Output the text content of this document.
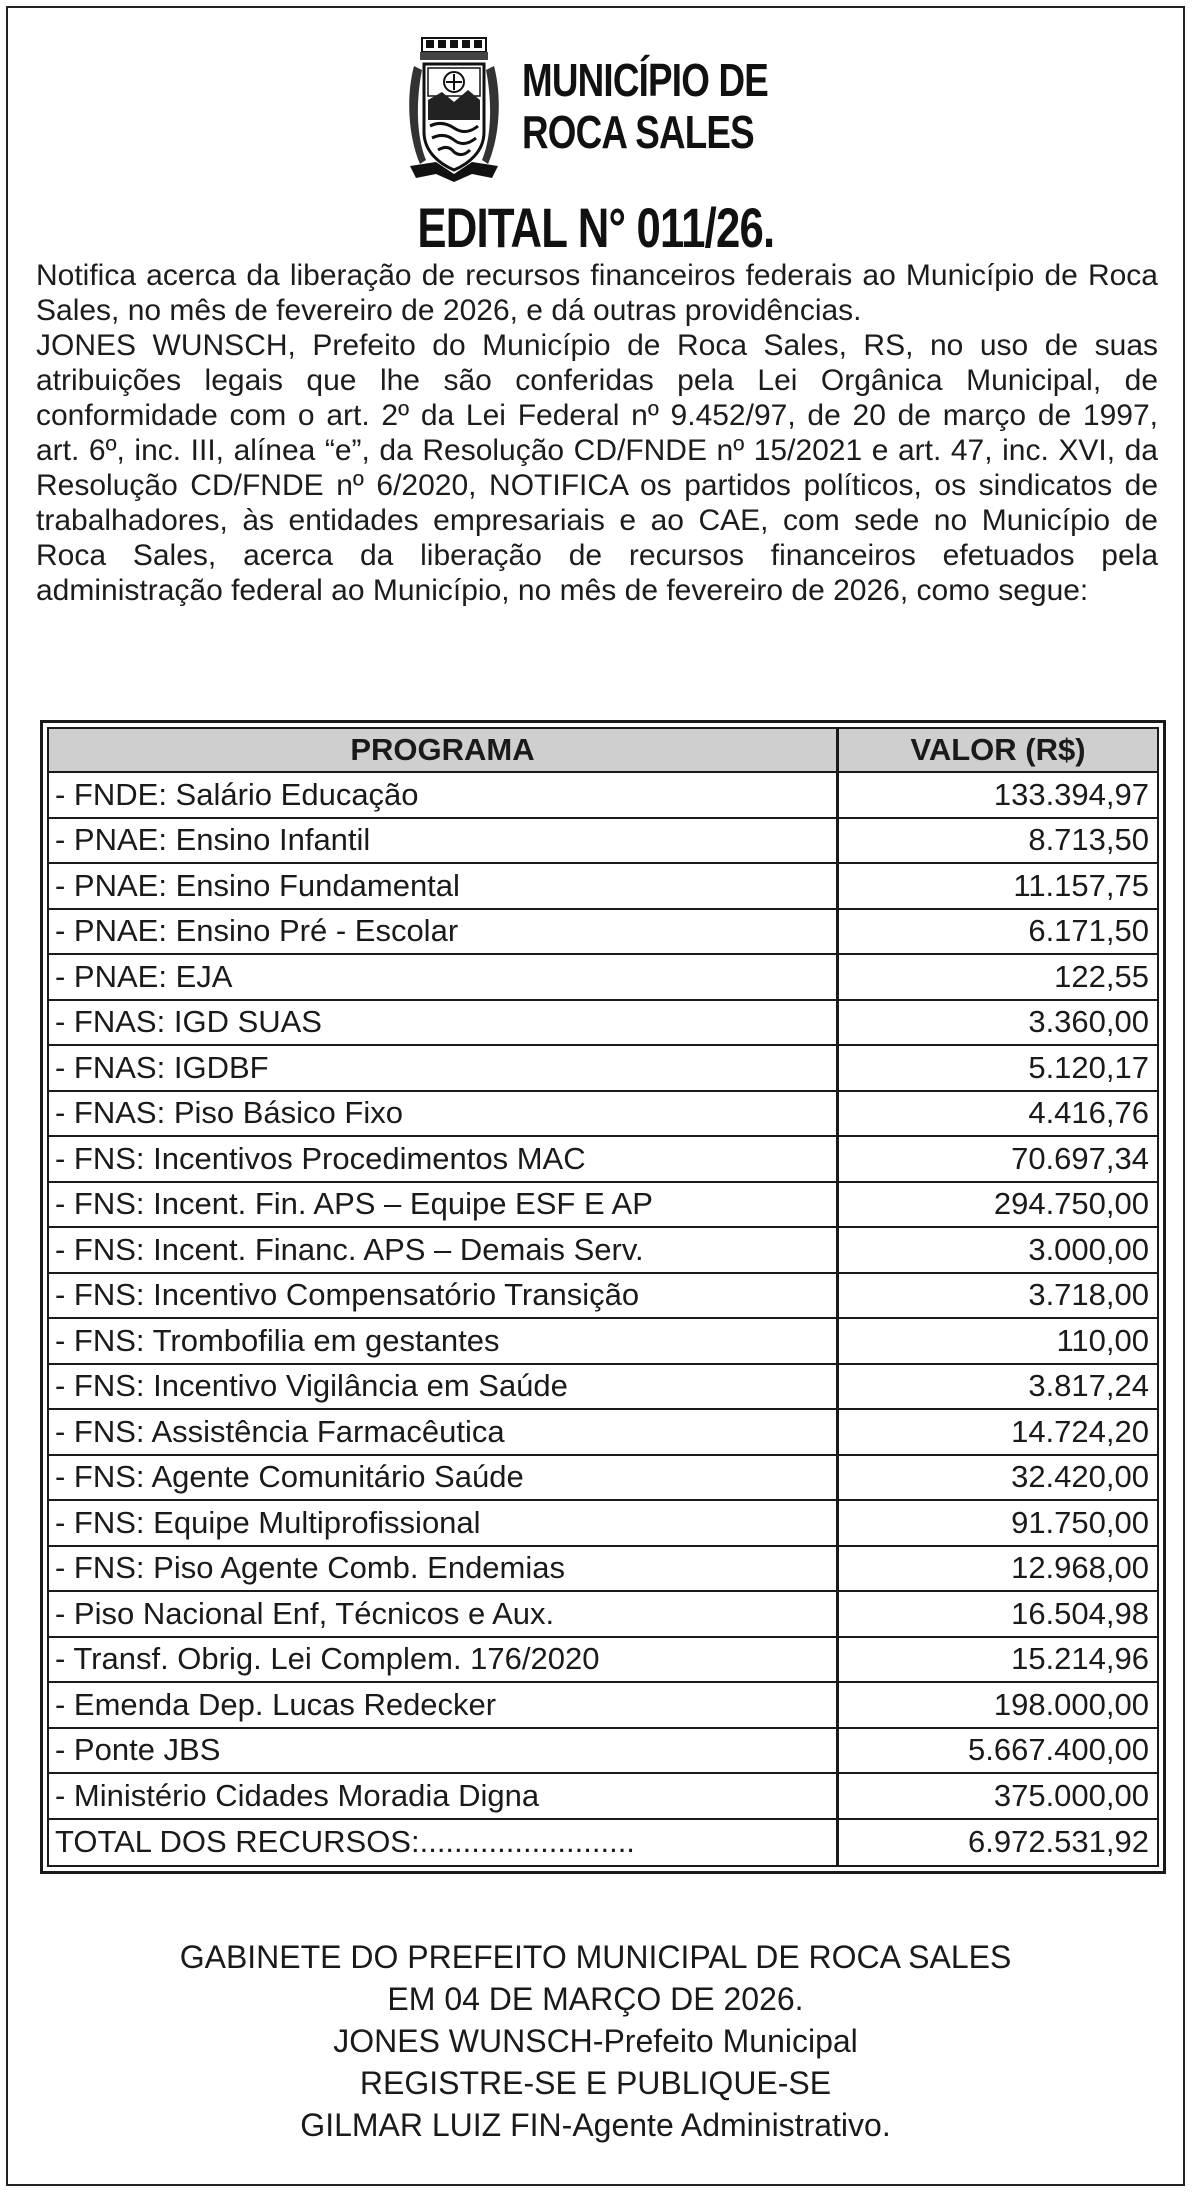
MUNICÍPIO DE
ROCA SALES
EDITAL N° 011/26.

Notifica acerca da liberação de recursos financeiros federais ao Município de Roca Sales, no mês de fevereiro de 2026, e dá outras providências.

JONES WUNSCH, Prefeito do Município de Roca Sales, RS, no uso de suas atribuições legais que lhe são conferidas pela Lei Orgânica Municipal, de conformidade com o art. 2º da Lei Federal nº 9.452/97, de 20 de março de 1997, art. 6º, inc. III, alínea “e”, da Resolução CD/FNDE nº 15/2021 e art. 47, inc. XVI, da Resolução CD/FNDE nº 6/2020, NOTIFICA os partidos políticos, os sindicatos de trabalhadores, às entidades empresariais e ao CAE, com sede no Município de Roca Sales, acerca da liberação de recursos financeiros efetuados pela administração federal ao Município, no mês de fevereiro de 2026, como segue:

PROGRAMA	VALOR (R$)
- FNDE: Salário Educação	133.394,97
- PNAE: Ensino Infantil	8.713,50
- PNAE: Ensino Fundamental	11.157,75
- PNAE: Ensino Pré - Escolar	6.171,50
- PNAE: EJA	122,55
- FNAS: IGD SUAS	3.360,00
- FNAS: IGDBF	5.120,17
- FNAS: Piso Básico Fixo	4.416,76
- FNS: Incentivos Procedimentos MAC	70.697,34
- FNS: Incent. Fin. APS – Equipe ESF E AP	294.750,00
- FNS: Incent. Financ. APS – Demais Serv.	3.000,00
- FNS: Incentivo Compensatório Transição	3.718,00
- FNS: Trombofilia em gestantes	110,00
- FNS: Incentivo Vigilância em Saúde	3.817,24
- FNS: Assistência Farmacêutica	14.724,20
- FNS: Agente Comunitário Saúde	32.420,00
- FNS: Equipe Multiprofissional	91.750,00
- FNS: Piso Agente Comb. Endemias	12.968,00
- Piso Nacional Enf, Técnicos e Aux.	16.504,98
- Transf. Obrig. Lei Complem. 176/2020	15.214,96
- Emenda Dep. Lucas Redecker	198.000,00
- Ponte JBS	5.667.400,00
- Ministério Cidades Moradia Digna	375.000,00
TOTAL DOS RECURSOS:.........................	6.972.531,92
GABINETE DO PREFEITO MUNICIPAL DE ROCA SALES
EM 04 DE MARÇO DE 2026.
JONES WUNSCH-Prefeito Municipal
REGISTRE-SE E PUBLIQUE-SE
GILMAR LUIZ FIN-Agente Administrativo.
